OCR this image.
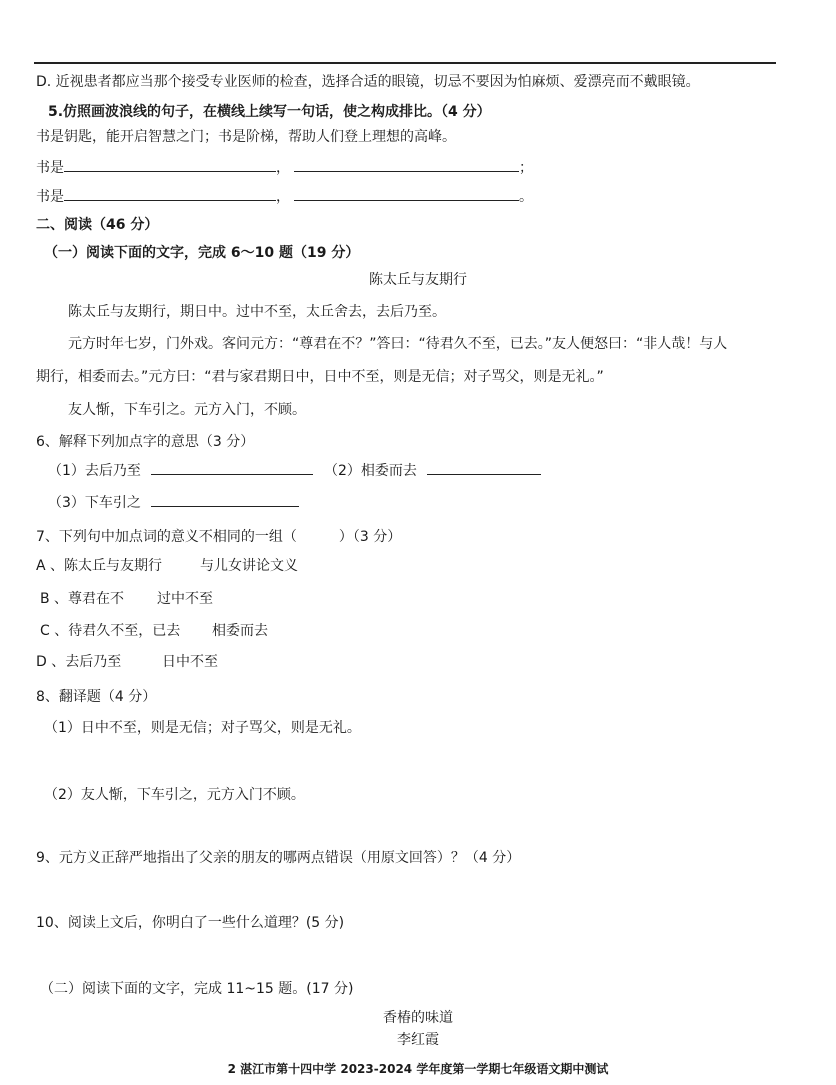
D. 近视患者都应当那个接受专业医师的检查，选择合适的眼镜，切忌不要因为怕麻烦、爱漂亮而不戴眼镜。
5.仿照画波浪线的句子，在横线上续写一句话，使之构成排比。（4 分）
书是钥匙，能开启智慧之门；书是阶梯，帮助人们登上理想的高峰。
书是	，	；
书是	，	。
二、阅读（46 分）
（一）阅读下面的文字，完成 6～10 题（19 分）
陈太丘与友期行
陈太丘与友期行，期日中。过中不至，太丘舍去，去后乃至。
元方时年七岁，门外戏。客问元方：“尊君在不？”答曰：“待君久不至，已去。”友人便怒曰：“非人哉！与人
期行，相委而去。”元方曰：“君与家君期日中，日中不至，则是无信；对子骂父，则是无礼。”
友人惭，下车引之。元方入门，不顾。
6、解释下列加点字的意思（3 分）
（1）去后乃至	（2）相委而去
（3）下车引之
7、下列句中加点词的意义不相同的一组（　　　）（3 分）
A 、陈太丘与友期行	与儿女讲论文义
B 、尊君在不 过中不至
C 、待君久不至，已去 相委而去
D 、去后乃至	日中不至
8、翻译题（4 分）
（1）日中不至，则是无信；对子骂父，则是无礼。
（2）友人惭，下车引之，元方入门不顾。
9、元方义正辞严地指出了父亲的朋友的哪两点错误（用原文回答）？（4 分）
10、阅读上文后，你明白了一些什么道理？(5 分)
（二）阅读下面的文字，完成 11~15 题。(17 分)
香椿的味道
李红霞
2 湛江市第十四中学 2023-2024 学年度第一学期七年级语文期中测试
